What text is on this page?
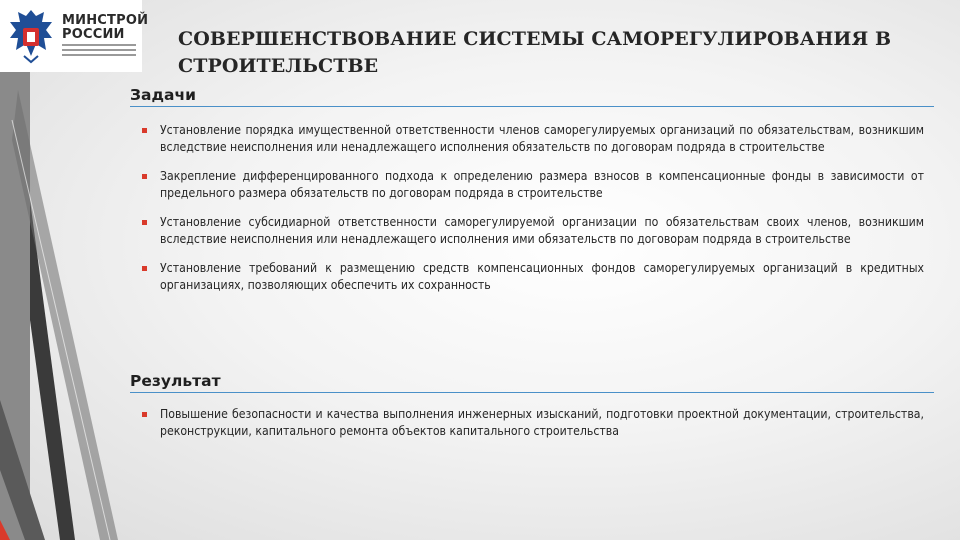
МИНСТРОЙ
РОССИИ	СОВЕРШЕНСТВОВАНИЕ СИСТЕМЫ САМОРЕГУЛИРОВАНИЯ В СТРОИТЕЛЬСТВЕ
Задачи
Установление порядка имущественной ответственности членов саморегулируемых организаций по обязательствам, возникшим вследствие неисполнения или ненадлежащего исполнения обязательств по договорам подряда в строительстве
Закрепление дифференцированного подхода к определению размера взносов в компенсационные фонды в зависимости от предельного размера обязательств по договорам подряда в строительстве
Установление субсидиарной ответственности саморегулируемой организации по обязательствам своих членов, возникшим вследствие неисполнения или ненадлежащего исполнения ими обязательств по договорам подряда в строительстве
Установление требований к размещению средств компенсационных фондов саморегулируемых организаций в кредитных организациях, позволяющих обеспечить их сохранность
Результат
Повышение безопасности и качества выполнения инженерных изысканий, подготовки проектной документации, строительства, реконструкции, капитального ремонта объектов капитального строительства
